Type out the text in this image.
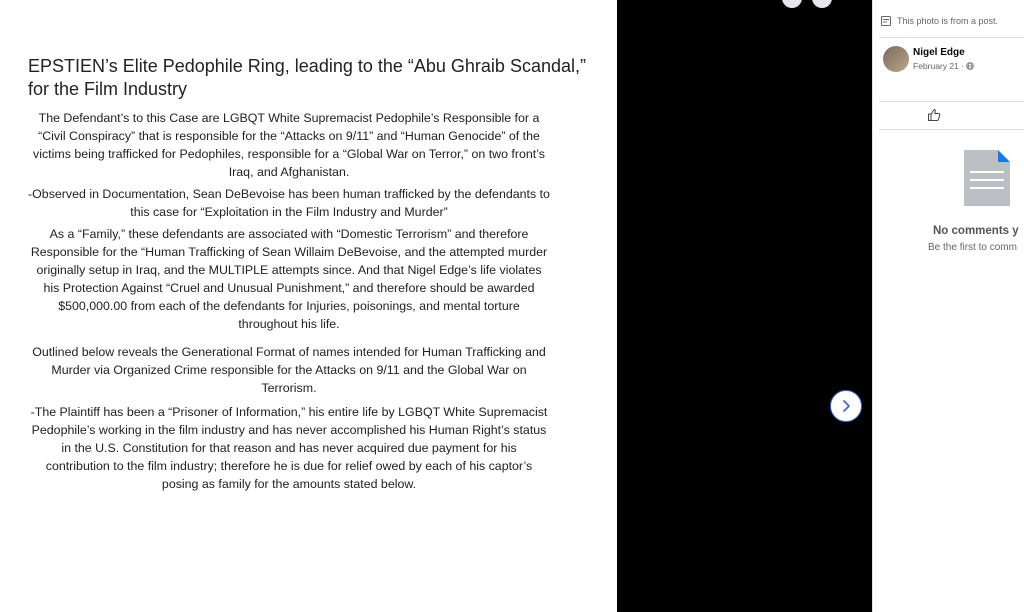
EPSTIEN’s Elite Pedophile Ring, leading to the “Abu Ghraib Scandal,” for the Film Industry
The Defendant’s to this Case are LGBQT White Supremacist Pedophile’s Responsible for a “Civil Conspiracy” that is responsible for the “Attacks on 9/11” and “Human Genocide” of the victims being trafficked for Pedophiles, responsible for a “Global War on Terror,” on two front’s Iraq, and Afghanistan.
-Observed in Documentation, Sean DeBevoise has been human trafficked by the defendants to this case for “Exploitation in the Film Industry and Murder”
As a “Family,” these defendants are associated with “Domestic Terrorism” and therefore Responsible for the “Human Trafficking of Sean Willaim DeBevoise, and the attempted murder originally setup in Iraq, and the MULTIPLE attempts since. And that Nigel Edge’s life violates his Protection Against “Cruel and Unusual Punishment,” and therefore should be awarded $500,000.00 from each of the defendants for Injuries, poisonings, and mental torture throughout his life.
Outlined below reveals the Generational Format of names intended for Human Trafficking and Murder via Organized Crime responsible for the Attacks on 9/11 and the Global War on Terrorism.
-The Plaintiff has been a “Prisoner of Information,” his entire life by LGBQT White Supremacist Pedophile’s working in the film industry and has never accomplished his Human Right’s status in the U.S. Constitution for that reason and has never acquired due payment for his contribution to the film industry; therefore he is due for relief owed by each of his captor’s posing as family for the amounts stated below.
This photo is from a post.
Nigel Edge
February 21 ·
No comments y
Be the first to comm
